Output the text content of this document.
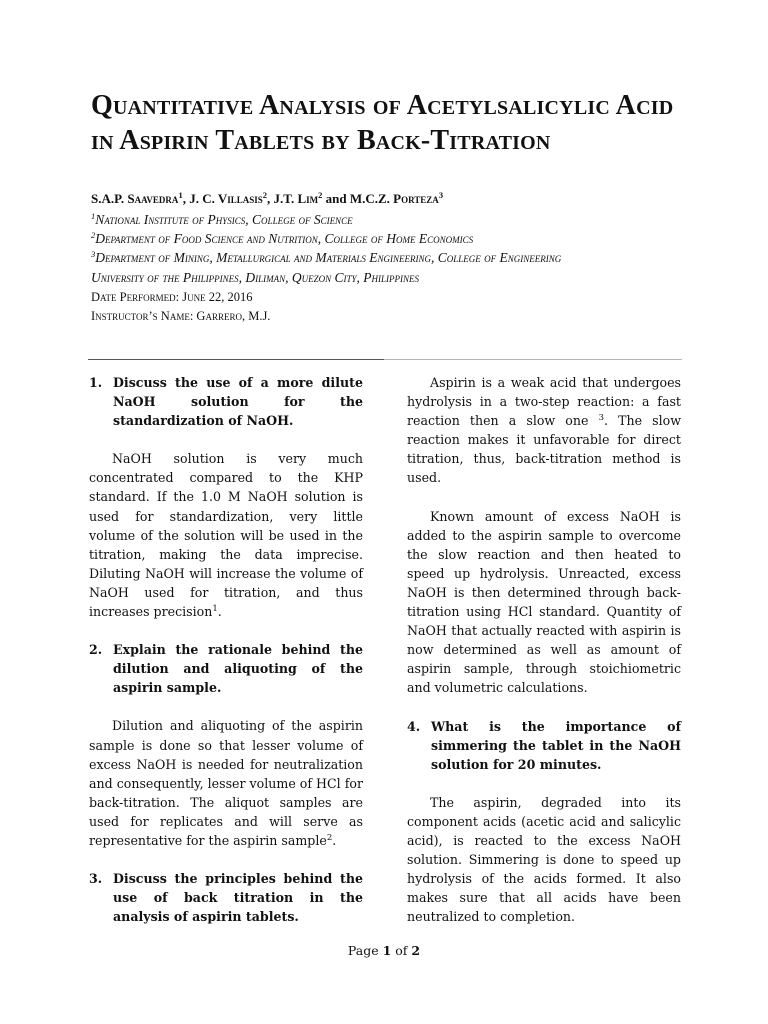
Quantitative Analysis of Acetylsalicylic Acid in Aspirin Tablets by Back-Titration
S.A.P. Saavedra$^1$, J. C. Villasis$^2$, J.T. Lim$^2$ and M.C.Z. Porteza$^3$
$^1$National Institute of Physics, College of Science
$^2$Department of Food Science and Nutrition, College of Home Economics
$^3$Department of Mining, Metallurgical and Materials Engineering, College of Engineering
University of the Philippines, Diliman, Quezon City, Philippines
Date Performed: June 22, 2016
Instructor’s Name: Garrero, M.J.
1. Discuss the use of a more dilute NaOH solution for the standardization of NaOH.

NaOH solution is very much concentrated compared to the KHP standard. If the 1.0 M NaOH solution is used for standardization, very little volume of the solution will be used in the titration, making the data imprecise. Diluting NaOH will increase the volume of NaOH used for titration, and thus increases precision$^1$.

2. Explain the rationale behind the dilution and aliquoting of the aspirin sample.

Dilution and aliquoting of the aspirin sample is done so that lesser volume of excess NaOH is needed for neutralization and consequently, lesser volume of HCl for back-titration. The aliquot samples are used for replicates and will serve as representative for the aspirin sample$^2$.

3. Discuss the principles behind the use of back titration in the analysis of aspirin tablets.

Aspirin is a weak acid that undergoes hydrolysis in a two-step reaction: a fast reaction then a slow one $^3$. The slow reaction makes it unfavorable for direct titration, thus, back-titration method is used.

Known amount of excess NaOH is added to the aspirin sample to overcome the slow reaction and then heated to speed up hydrolysis. Unreacted, excess NaOH is then determined through back-titration using HCl standard. Quantity of NaOH that actually reacted with aspirin is now determined as well as amount of aspirin sample, through stoichiometric and volumetric calculations.

4. What is the importance of simmering the tablet in the NaOH solution for 20 minutes.

The aspirin, degraded into its component acids (acetic acid and salicylic acid), is reacted to the excess NaOH solution. Simmering is done to speed up hydrolysis of the acids formed. It also makes sure that all acids have been neutralized to completion.

Page 1 of 2
